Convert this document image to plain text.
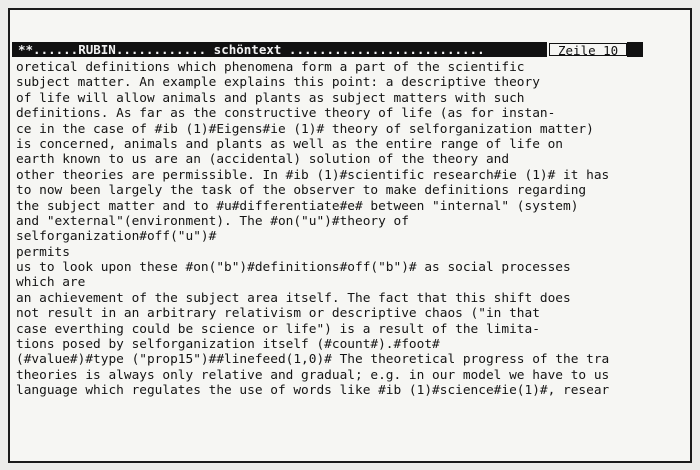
**......RUBIN............ schöntext ..........................	Zeile 10
oretical definitions which phenomena form a part of the scientific
subject matter. An example explains this point: a descriptive theory
of life will allow animals and plants as subject matters with such
definitions. As far as the constructive theory of life (as for instan-
ce in the case of #ib (1)#Eigens#ie (1)# theory of selforganization matter)
is concerned, animals and plants as well as the entire range of life on
earth known to us are an (accidental) solution of the theory and
other theories are permissible. In #ib (1)#scientific research#ie (1)# it has
to now been largely the task of the observer to make definitions regarding
the subject matter and to #u#differentiate#e# between "internal" (system)
and "external"(environment). The #on("u")#theory of
selforganization#off("u")#
permits
us to look upon these #on("b")#definitions#off("b")# as social processes
which are
an achievement of the subject area itself. The fact that this shift does
not result in an arbitrary relativism or descriptive chaos ("in that
case everthing could be science or life") is a result of the limita-
tions posed by selforganization itself (#count#).#foot#
(#value#)#type ("prop15")##linefeed(1,0)# The theoretical progress of the tra
theories is always only relative and gradual; e.g. in our model we have to us
language which regulates the use of words like #ib (1)#science#ie(1)#, resear
